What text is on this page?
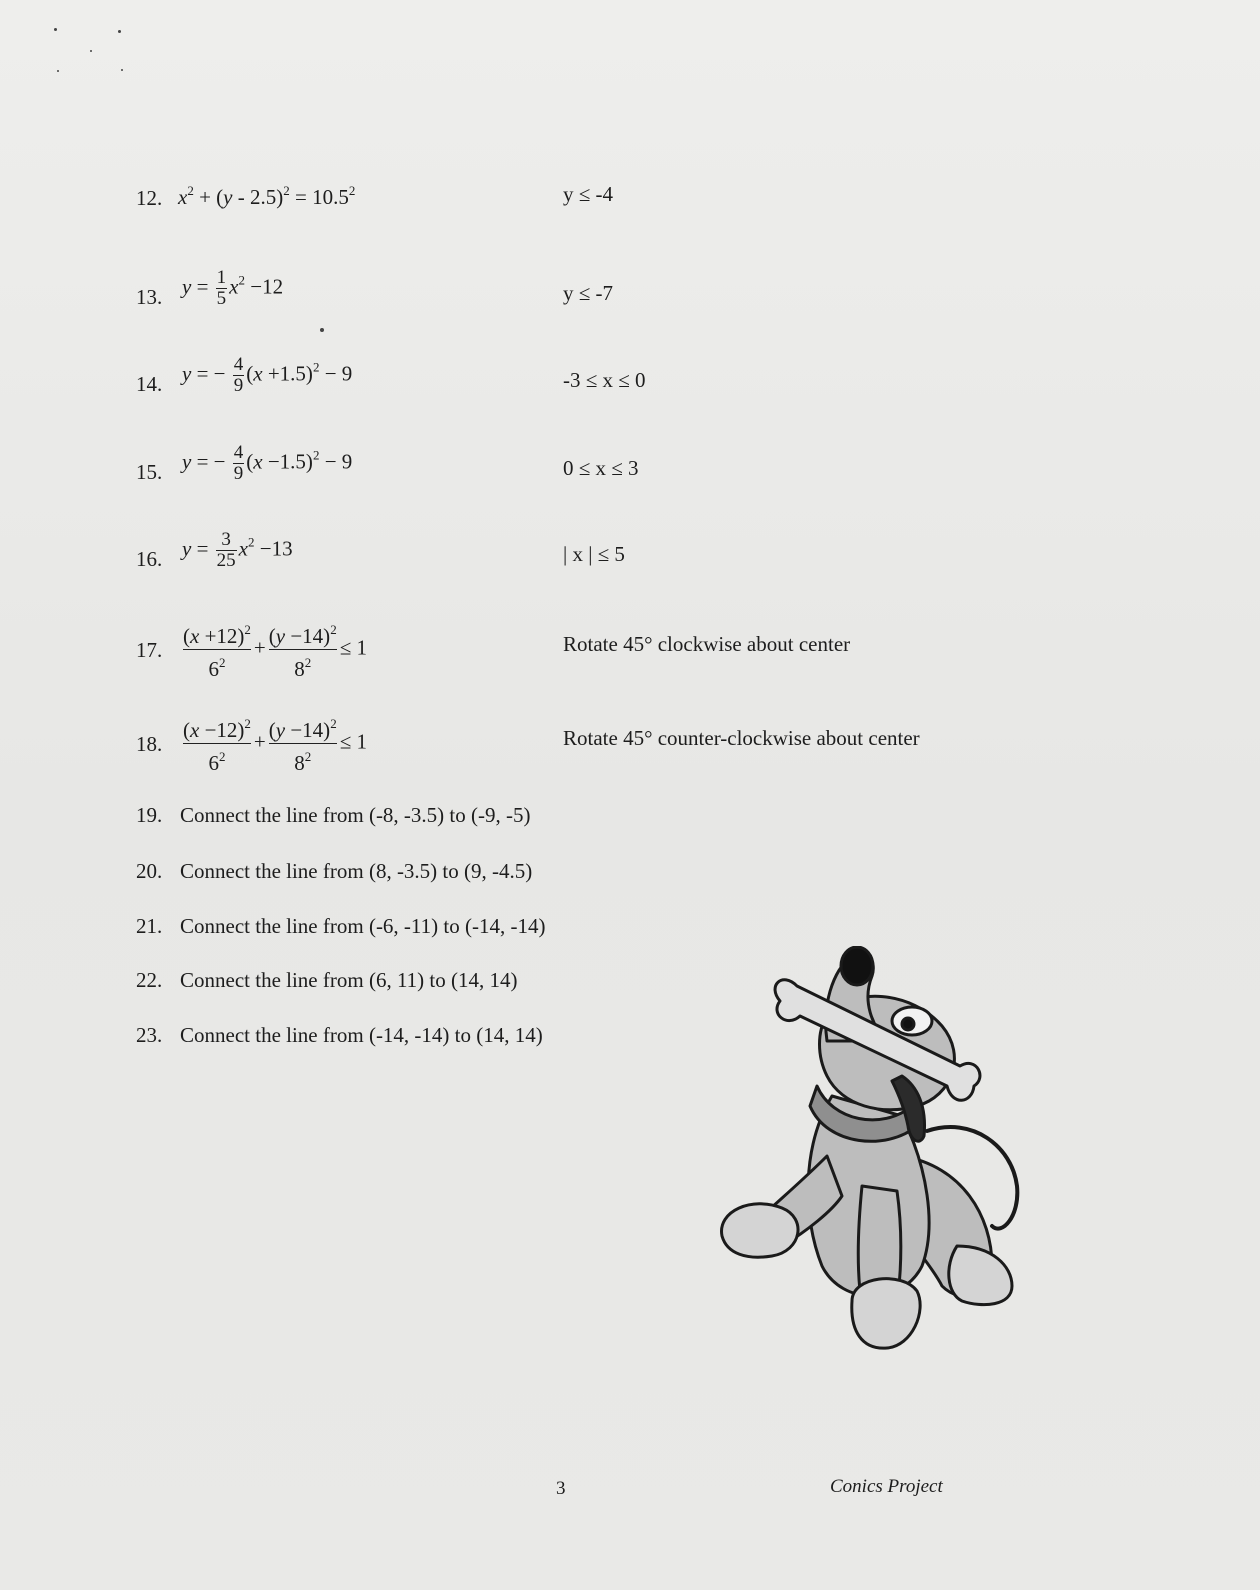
12. $x^2 + (y - 2.5)^2 = 10.5^2$	y ≤ -4
13. $y = \frac{1}{5} x^2 -12$	y ≤ -7
14. y = − $\frac{4}{9} (x +1.5)^2 - 9$	-3 ≤ x ≤ 0
15. y = − $\frac{4}{9} (x -1.5)^2 - 9$	0 ≤ x ≤ 3
16. $y = \frac{3}{25} x^2 -13$	| x | ≤ 5
17. $\frac{(x +12)^2}{6^2} + \frac{(y -14)^2}{8^2} \le 1$	Rotate 45° clockwise about center
18. $\frac{(x -12)^2}{6^2} + \frac{(y -14)^2}{8^2} \le 1$	Rotate 45° counter-clockwise about center
19. Connect the line from (-8, -3.5) to (-9, -5)
20. Connect the line from (8, -3.5) to (9, -4.5)
21. Connect the line from (-6, -11) to (-14, -14)
22. Connect the line from (6, 11) to (14, 14)
23. Connect the line from (-14, -14) to (14, 14)
3	Conics Project
